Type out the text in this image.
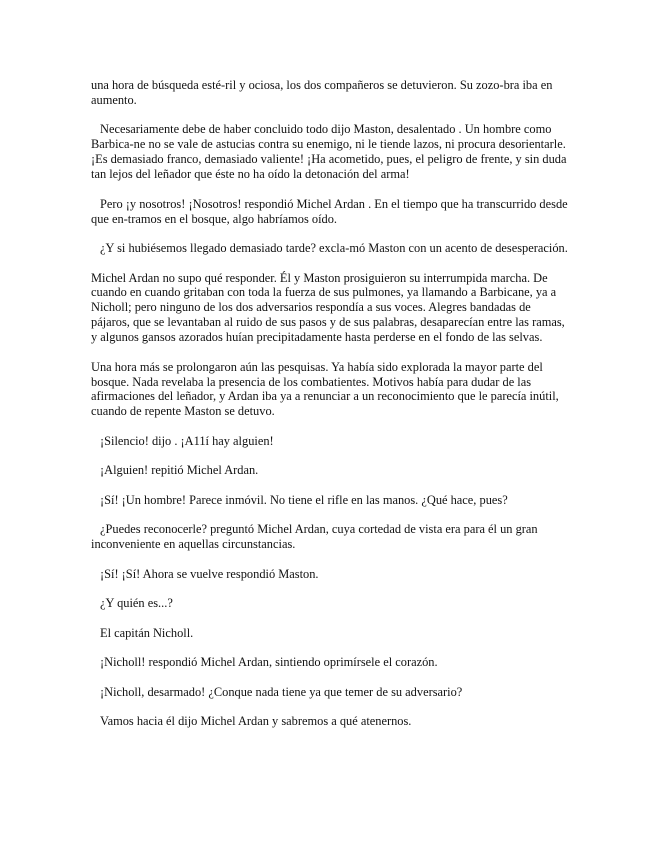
una hora de búsqueda esté-ril y ociosa, los dos compañeros se detuvieron. Su zozo-bra iba en aumento.

Necesariamente debe de haber concluido todo dijo Maston, desalentado . Un hombre como Barbica-ne no se vale de astucias contra su enemigo, ni le tiende lazos, ni procura desorientarle. ¡Es demasiado franco, demasiado valiente! ¡Ha acometido, pues, el peligro de frente, y sin duda tan lejos del leñador que éste no ha oído la detonación del arma!

Pero ¡y nosotros! ¡Nosotros! respondió Michel Ardan . En el tiempo que ha transcurrido desde que en-tramos en el bosque, algo habríamos oído.

¿Y si hubiésemos llegado demasiado tarde? excla-mó Maston con un acento de desesperación.

Michel Ardan no supo qué responder. Él y Maston prosiguieron su interrumpida marcha. De cuando en cuando gritaban con toda la fuerza de sus pulmones, ya llamando a Barbicane, ya a Nicholl; pero ninguno de los dos adversarios respondía a sus voces. Alegres bandadas de pájaros, que se levantaban al ruido de sus pasos y de sus palabras, desaparecían entre las ramas, y algunos gansos azorados huían precipitadamente hasta perderse en el fondo de las selvas.

Una hora más se prolongaron aún las pesquisas. Ya había sido explorada la mayor parte del bosque. Nada revelaba la presencia de los combatientes. Motivos había para dudar de las afirmaciones del leñador, y Ardan iba ya a renunciar a un reconocimiento que le parecía inútil, cuando de repente Maston se detuvo.

¡Silencio! dijo . ¡A11í hay alguien!

¡Alguien! repitió Michel Ardan.

¡Sí! ¡Un hombre! Parece inmóvil. No tiene el rifle en las manos. ¿Qué hace, pues?

¿Puedes reconocerle? preguntó Michel Ardan, cuya cortedad de vista era para él un gran inconveniente en aquellas circunstancias.

¡Sí! ¡Sí! Ahora se vuelve respondió Maston.

¿Y quién es...?

El capitán Nicholl.

¡Nicholl! respondió Michel Ardan, sintiendo oprimírsele el corazón.

¡Nicholl, desarmado! ¿Conque nada tiene ya que temer de su adversario?

Vamos hacia él dijo Michel Ardan y sabremos a qué atenernos.
